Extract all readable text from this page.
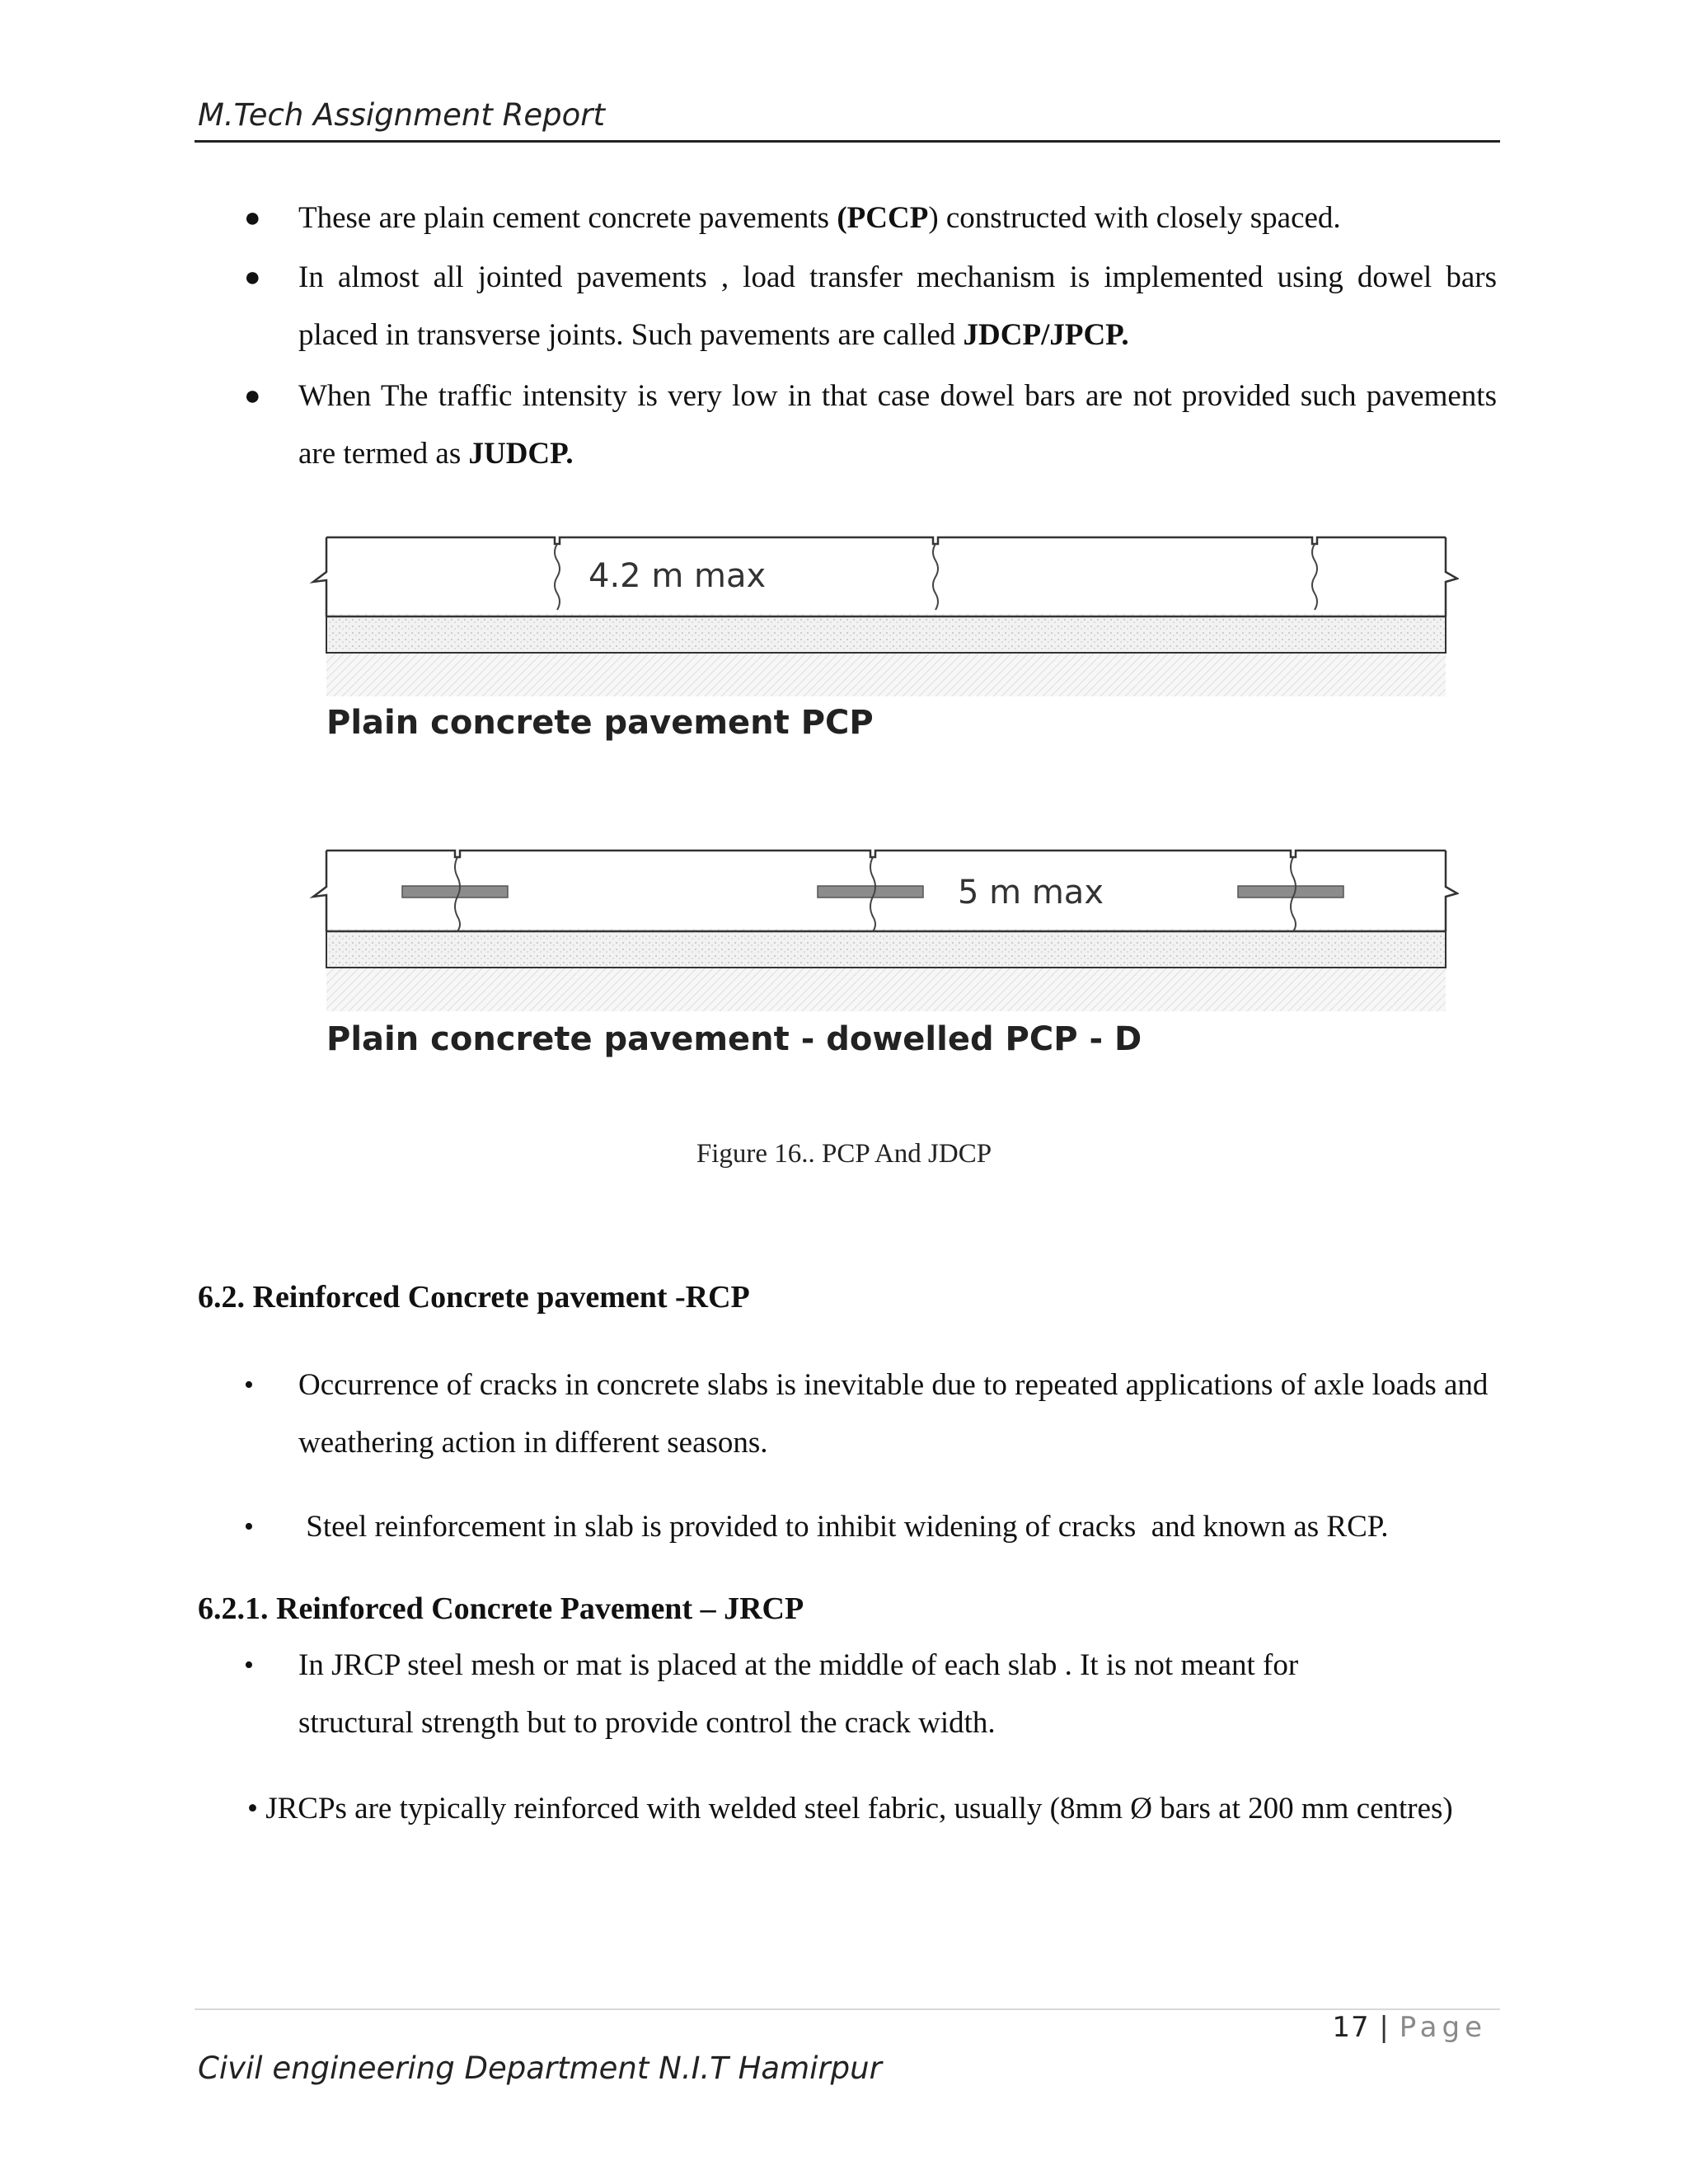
M.Tech Assignment Report
●	These are plain cement concrete pavements (PCCP) constructed with closely spaced.
●	In almost all jointed pavements , load transfer mechanism is implemented using dowel bars placed in transverse joints. Such pavements are called JDCP/JPCP.
●	When The traffic intensity is very low in that case dowel bars are not provided such pavements are termed as JUDCP.
4.2 m max
Plain concrete pavement PCP
5 m max
Plain concrete pavement - dowelled PCP - D
Figure 16.. PCP And JDCP
6.2. Reinforced Concrete pavement -RCP
•	Occurrence of cracks in concrete slabs is inevitable due to repeated applications of axle loads and weathering action in different seasons.
•	Steel reinforcement in slab is provided to inhibit widening of cracks  and known as RCP.
6.2.1. Reinforced Concrete Pavement – JRCP
•	In JRCP steel mesh or mat is placed at the middle of each slab . It is not meant for structural strength but to provide control the crack width.
• JRCPs are typically reinforced with welded steel fabric, usually (8mm Ø bars at 200 mm centres)
17 | Page
Civil engineering Department N.I.T Hamirpur
